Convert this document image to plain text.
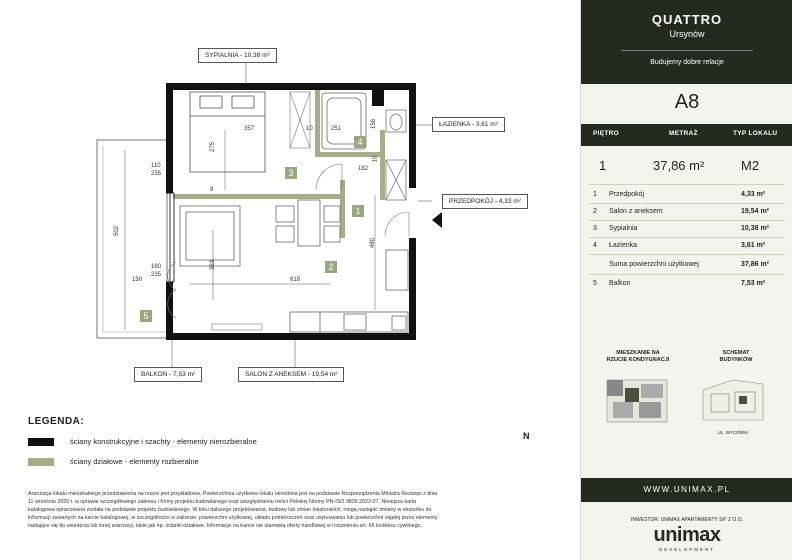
357
275
10	251	156
182
10
8
363
618
480
502
110
235
180
235
150
1
2
3
4
5
SYPIALNIA - 10,38 m²
ŁAZIENKA - 3,61 m²
PRZEDPOKÓJ - 4,33 m²
BALKON - 7,53 m²	SALON Z ANEKSEM - 19,54 m²
LEGENDA:
ściany konstrukcyjne i szachty - elementy nierozbieralne
ściany działowe - elementy rozbieralne
N
Aranżacja lokalu mieszkalnego przedstawiona na rzucie jest przykładowa. Powierzchnia użytkowa lokalu określona jest na podstawie Rozporządzenia Ministra Rozwoju z dnia
11 września 2020 r. w sprawie szczegółowego zakresu i formy projektu budowlanego oraz uwzględnieniu treści Polskiej Normy PN-ISO 9836:2022-07. Niniejsza karta
katalogowa opracowana została na podstawie projektu budowlanego. W toku dalszego projektowania, budowy lub zmian lokatorskich, mogą nastąpić zmiany w stosunku do
informacji zawartych na karcie katalogowej, w szczególności w zakresie: powierzchni użytkowej, układu pomieszczeń oraz usytuowaniu lub powierzchni zajętej przez elementy
nadające się do usunięcia lub innej aranżacji, takie jak np. ścianki działowe. Informacje na karcie nie stanowią oferty handlowej w rozumieniu art. 66 kodeksu cywilnego.
QUATTRO
Ursynów
Budujemy dobre relacje
A8
PIĘTRO	METRAŻ	TYP LOKALU
1	37,86 m²	M2
1 Przedpokój	4,33 m²
2 Salon z aneksem	19,54 m²
3 Sypialnia	10,38 m²
4 Łazienka	3,61 m²
Suma powierzchni użytkowej	37,86 m²
5 Balkon	7,53 m²
MIESZKANIE NA
RZUCIE KONDYGNACJI
SCHEMAT
BUDYNKÓW
UL. WYCIÓRKI
WWW.UNIMAX.PL
INWESTOR: UNIMAX APARTAMENTY SP. Z O.O.
unimax
DEVELOPMENT
